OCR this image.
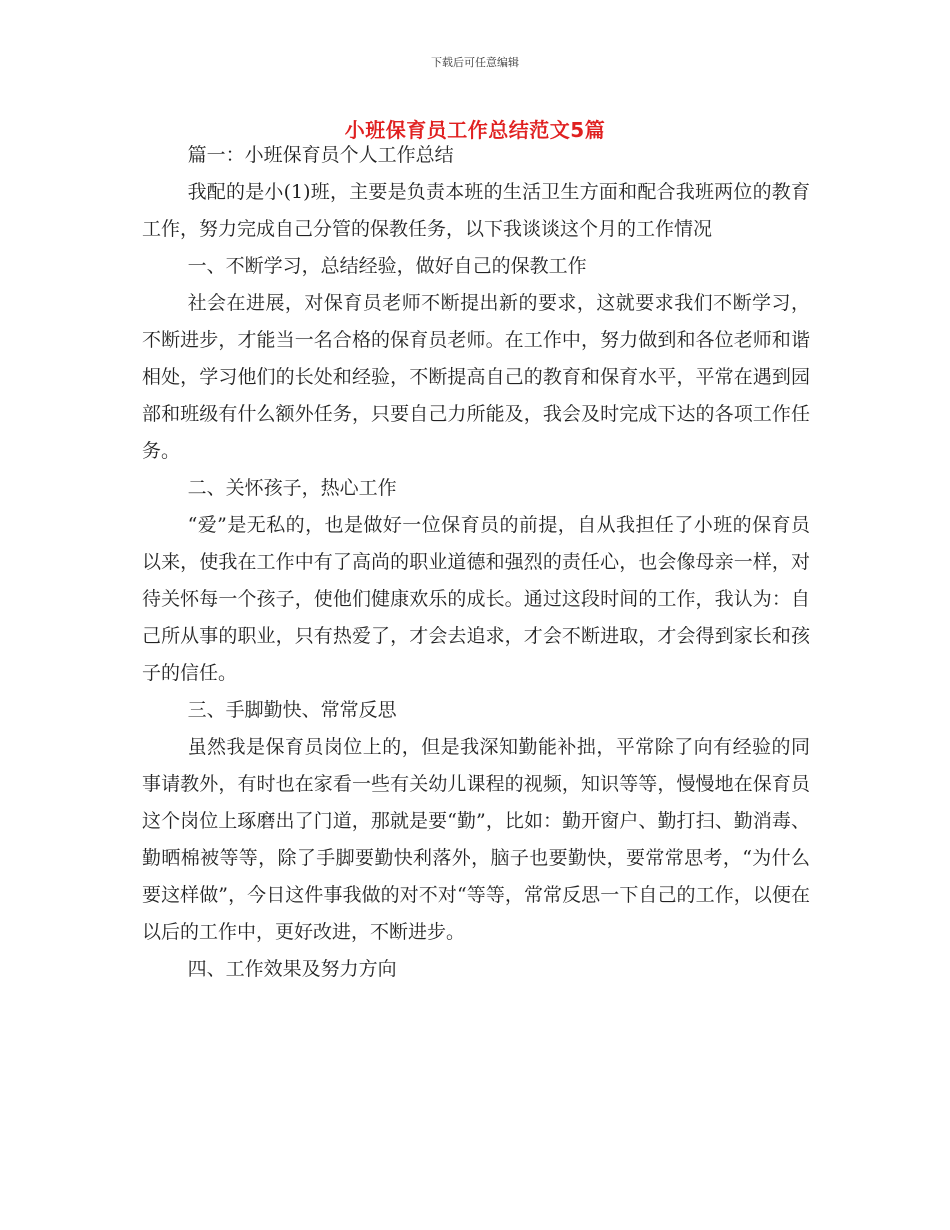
下载后可任意编辑
小班保育员工作总结范文5篇

篇一：小班保育员个人工作总结

我配的是小(1)班，主要是负责本班的生活卫生方面和配合我班两位的教育工作，努力完成自己分管的保教任务，以下我谈谈这个月的工作情况

一、不断学习，总结经验，做好自己的保教工作

社会在进展，对保育员老师不断提出新的要求，这就要求我们不断学习，不断进步，才能当一名合格的保育员老师。在工作中，努力做到和各位老师和谐相处，学习他们的长处和经验，不断提高自己的教育和保育水平，平常在遇到园部和班级有什么额外任务，只要自己力所能及，我会及时完成下达的各项工作任务。

二、关怀孩子，热心工作

“爱”是无私的，也是做好一位保育员的前提，自从我担任了小班的保育员以来，使我在工作中有了高尚的职业道德和强烈的责任心，也会像母亲一样，对待关怀每一个孩子，使他们健康欢乐的成长。通过这段时间的工作，我认为：自己所从事的职业，只有热爱了，才会去追求，才会不断进取，才会得到家长和孩子的信任。

三、手脚勤快、常常反思

虽然我是保育员岗位上的，但是我深知勤能补拙，平常除了向有经验的同事请教外，有时也在家看一些有关幼儿课程的视频，知识等等，慢慢地在保育员这个岗位上琢磨出了门道，那就是要“勤”，比如：勤开窗户、勤打扫、勤消毒、勤晒棉被等等，除了手脚要勤快利落外，脑子也要勤快，要常常思考，“为什么要这样做”，今日这件事我做的对不对“等等，常常反思一下自己的工作，以便在以后的工作中，更好改进，不断进步。

四、工作效果及努力方向
